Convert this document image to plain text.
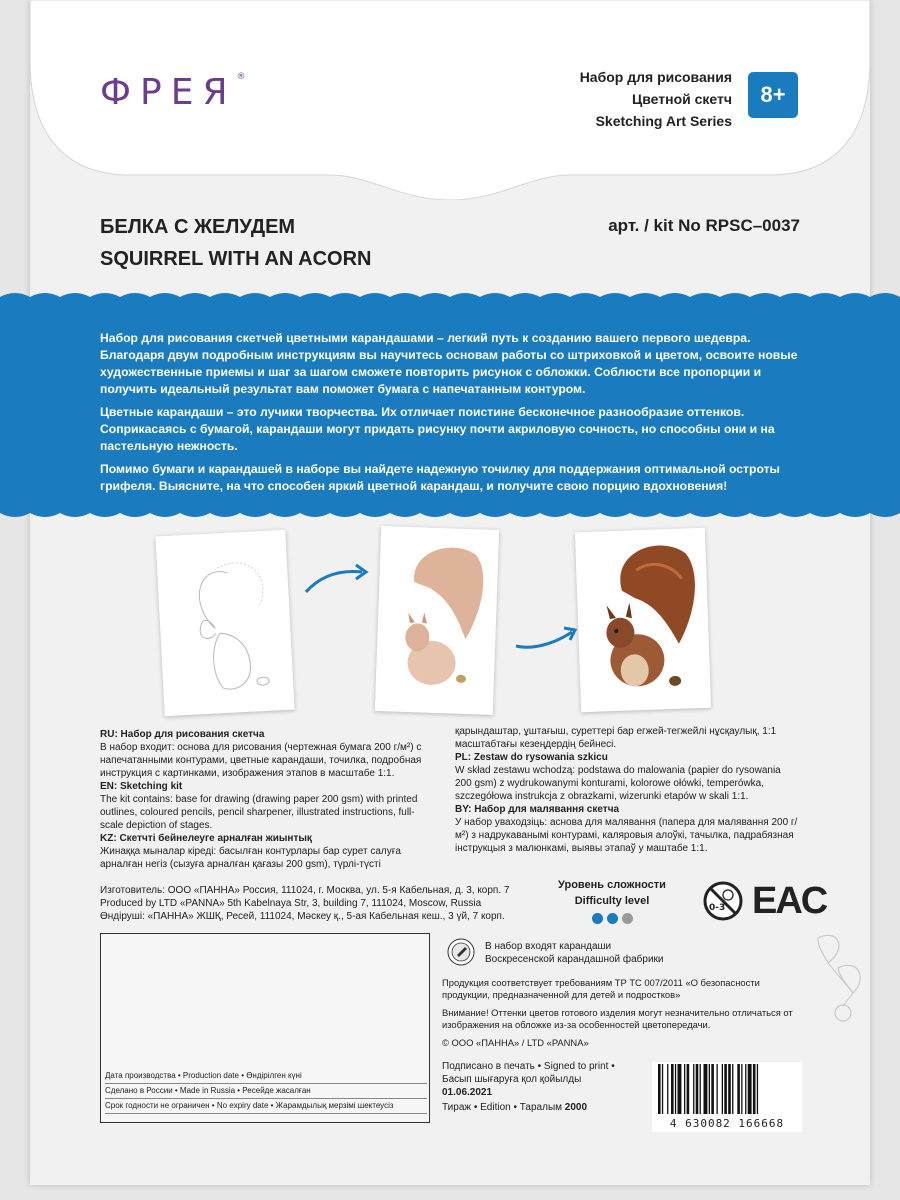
ФРЕЯ®	Набор для рисования
Цветной скетч
Sketching Art Series
8+
БЕЛКА С ЖЕЛУДЕМ
SQUIRREL WITH AN ACORN
арт. / kit No RPSC–0037

Набор для рисования скетчей цветными карандашами – легкий путь к созданию вашего первого шедевра. Благодаря двум подробным инструкциям вы научитесь основам работы со штриховкой и цветом, освоите новые художественные приемы и шаг за шагом сможете повторить рисунок с обложки. Соблюсти все пропорции и получить идеальный результат вам поможет бумага с напечатанным контуром.

Цветные карандаши – это лучики творчества. Их отличает поистине бесконечное разнообразие оттенков. Соприкасаясь с бумагой, карандаши могут придать рисунку почти акриловую сочность, но способны они и на пастельную нежность.

Помимо бумаги и карандашей в наборе вы найдете надежную точилку для поддержания оптимальной остроты грифеля. Выясните, на что способен яркий цветной карандаш, и получите свою порцию вдохновения!

RU: Набор для рисования скетча
В набор входит: основа для рисования (чертежная бумага 200 г/м²) с напечатанными контурами, цветные карандаши, точилка, подробная инструкция с картинками, изображения этапов в масштабе 1:1.
EN: Sketching kit
The kit contains: base for drawing (drawing paper 200 gsm) with printed outlines, coloured pencils, pencil sharpener, illustrated instructions, full-scale depiction of stages.
KZ: Скетчті бейнелеуге арналған жиынтық
Жинаққа мыналар кіреді: басылған контурлары бар сурет салуға арналған негіз (сызуға арналған қағазы 200 gsm), түрлі-түсті
қарындаштар, ұштағыш, суреттері бар егжей-тегжейлі нұсқаулық, 1:1 масштабтағы кезеңдердің бейнесі.
PL: Zestaw do rysowania szkicu
W skład zestawu wchodzą: podstawa do malowania (papier do rysowania 200 gsm) z wydrukowanymi konturami, kolorowe ołówki, temperówka, szczegółowa instrukcja z obrazkami, wizerunki etapów w skali 1:1.
BY: Набор для малявання скетча
У набор уваходзіць: аснова для малявання (папера для малявання 200 г/м²) з надрукаванымі контурамі, каляровыя алоўкі, тачылка, падрабязная інструкцыя з малюнкамі, выявы этапаў у маштабе 1:1.
Изготовитель: ООО «ПАННА» Россия, 111024, г. Москва, ул. 5-я Кабельная, д. 3, корп. 7
Produced by LTD «PANNA» 5th Kabelnaya Str, 3, building 7, 111024, Moscow, Russia
Өндіруші: «ПАННА» ЖШҚ, Ресей, 111024, Мәскеу қ., 5-ая Кабельная кеш., 3 үй, 7 корп.
Уровень сложности
Difficulty level
0-3 EAC
Дата производства • Production date • Өндірілген күні
Сделано в России • Made in Russia • Ресейде жасалған
Срок годности не ограничен • No expiry date • Жарамдылық мерзімі шектеусіз
В набор входят карандаши
Воскресенской карандашной фабрики

Продукция соответствует требованиям ТР ТС 007/2011 «О безопасности продукции, предназначенной для детей и подростков»

Внимание! Оттенки цветов готового изделия могут незначительно отличаться от изображения на обложке из-за особенностей цветопередачи.

© ООО «ПАННА» / LTD «PANNA»

Подписано в печать • Signed to print •
Басып шығаруға қол қойылды
01.06.2021
Тираж • Edition • Таралым 2000
4 630082 166668
